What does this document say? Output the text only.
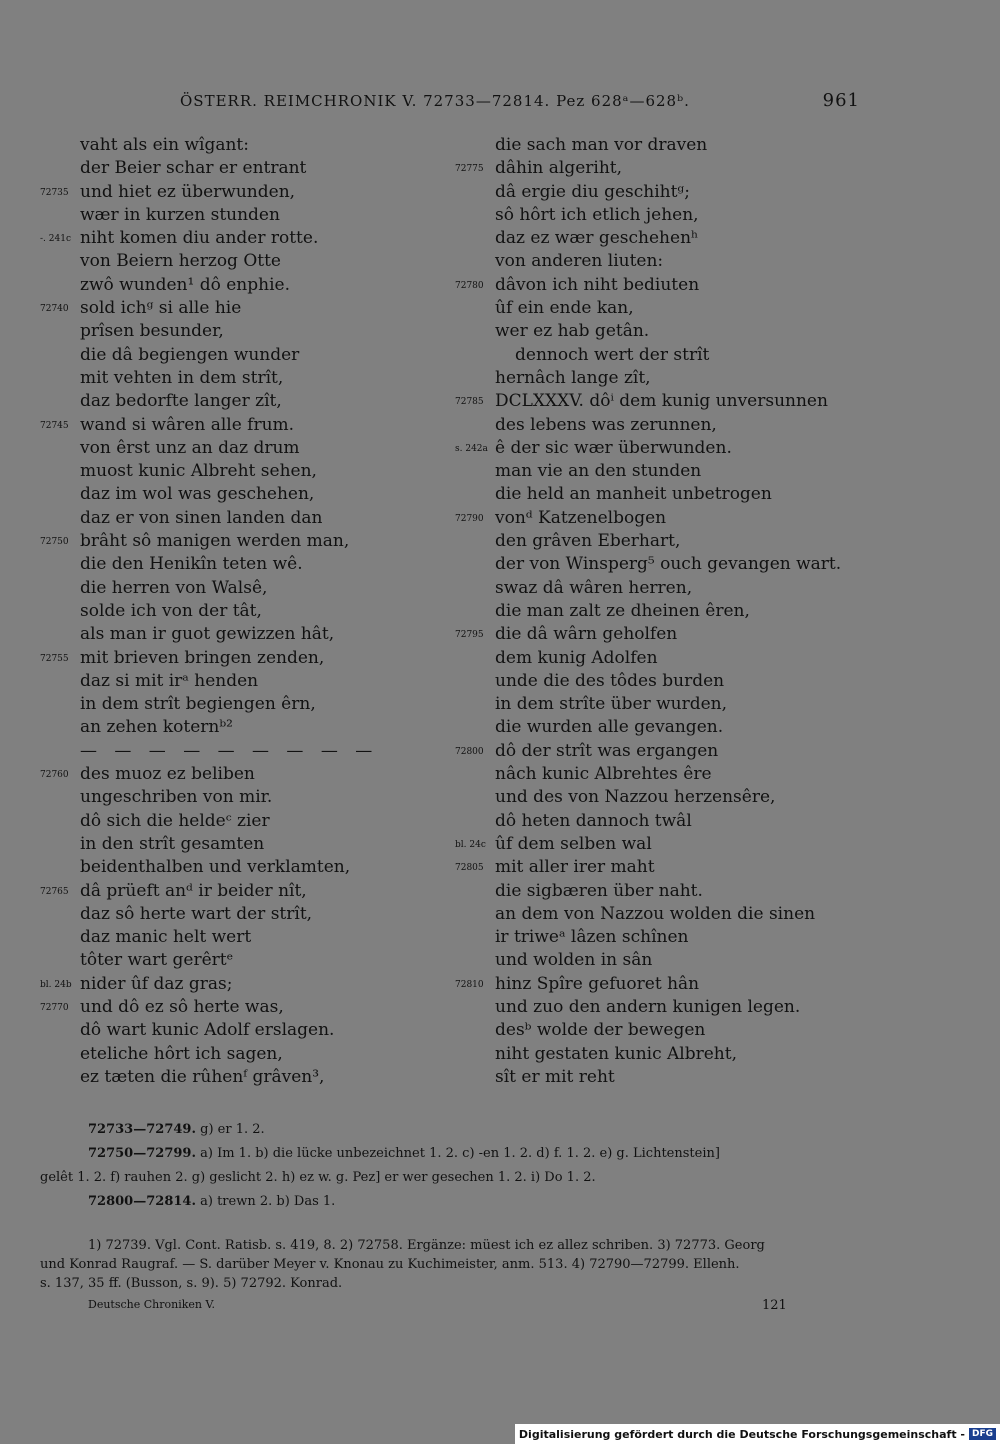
ÖSTERR. REIMCHRONIK V. 72733—72814. Pez 628ᵃ—628ᵇ.	961
vaht als ein wîgant:
der Beier schar er entrant
72735 und hiet ez überwunden,
wær in kurzen stunden
-. 241c niht komen diu ander rotte.
von Beiern herzog Otte
zwô wunden¹ dô enphie.
72740 sold ichᵍ si alle hie
prîsen besunder,
die dâ begiengen wunder
mit vehten in dem strît,
daz bedorfte langer zît,
72745 wand si wâren alle frum.
von êrst unz an daz drum
muost kunic Albreht sehen,
daz im wol was geschehen,
daz er von sinen landen dan
72750 brâht sô manigen werden man,
die den Henikîn teten wê.
die herren von Walsê,
solde ich von der tât,
als man ir guot gewizzen hât,
72755 mit brieven bringen zenden,
daz si mit irᵃ henden
in dem strît begiengen êrn,
an zehen koternᵇ²
— — — — — — — — —
72760 des muoz ez beliben
ungeschriben von mir.
dô sich die heldeᶜ zier
in den strît gesamten
beidenthalben und verklamten,
72765 dâ prüeft anᵈ ir beider nît,
daz sô herte wart der strît,
daz manic helt wert
tôter wart gerêrtᵉ
bl. 24b nider ûf daz gras;
72770 und dô ez sô herte was,
dô wart kunic Adolf erslagen.
eteliche hôrt ich sagen,
ez tæten die rûhenᶠ grâven³,
die sach man vor draven
72775 dâhin algeriht,
dâ ergie diu geschihtᵍ;
sô hôrt ich etlich jehen,
daz ez wær geschehenʰ
von anderen liuten:
72780 dâvon ich niht bediuten
ûf ein ende kan,
wer ez hab getân.
dennoch wert der strît
hernâch lange zît,
72785 DCLXXXV. dôⁱ dem kunig unversunnen
des lebens was zerunnen,
s. 242a ê der sic wær überwunden.
man vie an den stunden
die held an manheit unbetrogen
72790 vonᵈ Katzenelbogen
den grâven Eberhart,
der von Winsperg⁵ ouch gevangen wart.
swaz dâ wâren herren,
die man zalt ze dheinen êren,
72795 die dâ wârn geholfen
dem kunig Adolfen
unde die des tôdes burden
in dem strîte über wurden,
die wurden alle gevangen.
72800 dô der strît was ergangen
nâch kunic Albrehtes êre
und des von Nazzou herzensêre,
dô heten dannoch twâl
bl. 24c ûf dem selben wal
72805 mit aller irer maht
die sigbæren über naht.
an dem von Nazzou wolden die sinen
ir triweᵃ lâzen schînen
und wolden in sân
72810 hinz Spîre gefuoret hân
und zuo den andern kunigen legen.
desᵇ wolde der bewegen
niht gestaten kunic Albreht,
sît er mit reht
72733—72749. g) er 1. 2.
72750—72799. a) Im 1. b) die lücke unbezeichnet 1. 2. c) -en 1. 2. d) f. 1. 2. e) g. Lichtenstein]
gelêt 1. 2. f) rauhen 2. g) geslicht 2. h) ez w. g. Pez] er wer gesechen 1. 2. i) Do 1. 2.
72800—72814. a) trewn 2. b) Das 1.
1) 72739. Vgl. Cont. Ratisb. s. 419, 8. 2) 72758. Ergänze: müest ich ez allez schriben. 3) 72773. Georg
und Konrad Raugraf. — S. darüber Meyer v. Knonau zu Kuchimeister, anm. 513. 4) 72790—72799. Ellenh.
s. 137, 35 ff. (Busson, s. 9). 5) 72792. Konrad.
Deutsche Chroniken V.	121
Digitalisierung gefördert durch die Deutsche Forschungsgemeinschaft - DFG
